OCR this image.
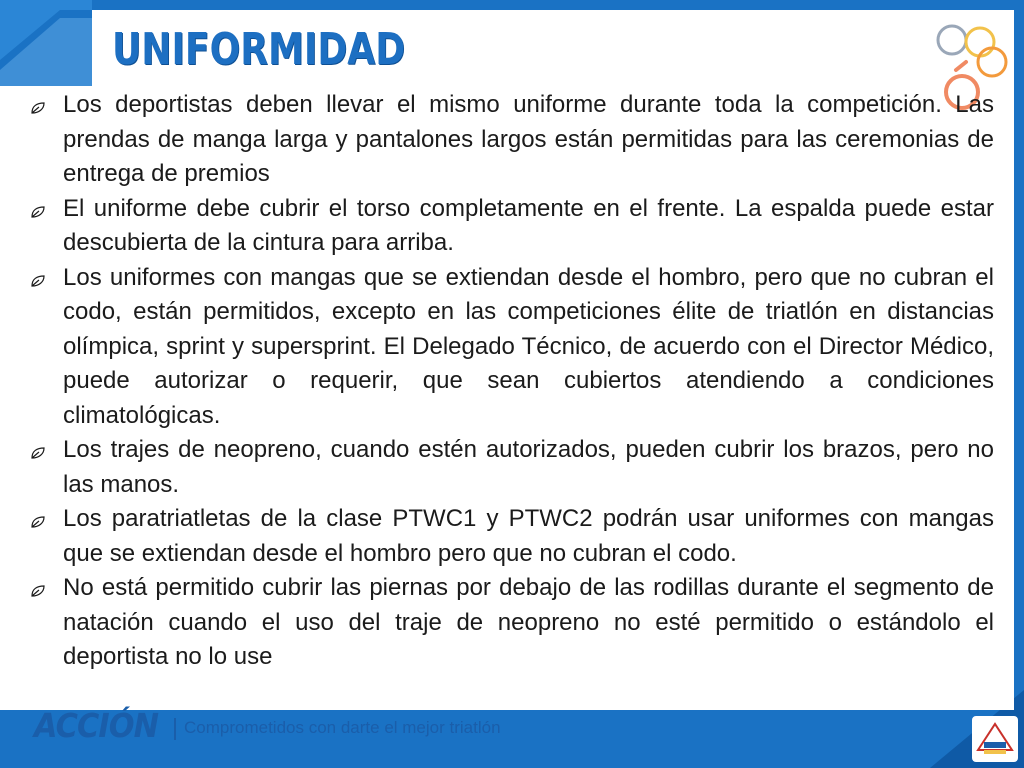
UNIFORMIDAD
Los deportistas deben llevar el mismo uniforme durante toda la competición. Las prendas de manga larga y pantalones largos están permitidas para las ceremonias de entrega de premios
El uniforme debe cubrir el torso completamente en el frente. La espalda puede estar descubierta de la cintura para arriba.
Los uniformes con mangas que se extiendan desde el hombro, pero que no cubran el codo, están permitidos, excepto en las competiciones élite de triatlón en distancias olímpica, sprint y supersprint. El Delegado Técnico, de acuerdo con el Director Médico, puede autorizar o requerir, que sean cubiertos atendiendo a condiciones climatológicas.
Los trajes de neopreno, cuando estén autorizados, pueden cubrir los brazos, pero no las manos.
Los paratriatletas de la clase PTWC1 y PTWC2 podrán usar uniformes con mangas que se extiendan desde el hombro pero que no cubran el codo.
No está permitido cubrir las piernas por debajo de las rodillas durante el segmento de natación cuando el uso del traje de neopreno no esté permitido o estándolo el deportista no lo use
ACCIÓN Comprometidos con darte el mejor triatlón
